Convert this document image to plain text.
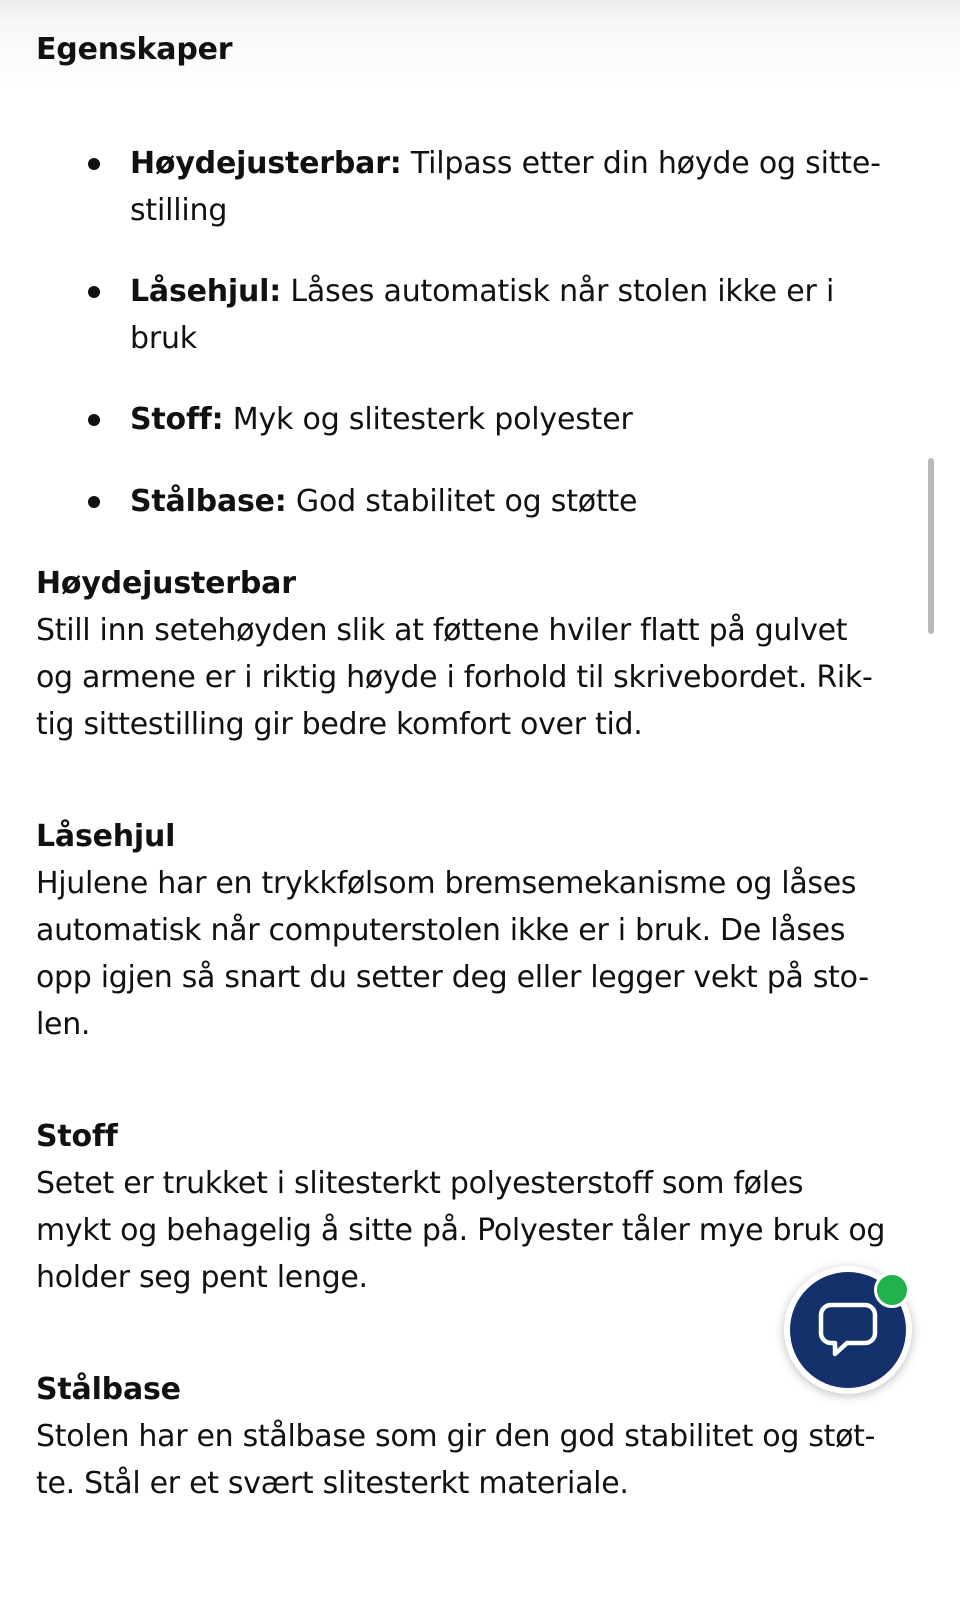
Egenskaper
Høydejusterbar: Tilpass etter din høyde og sitte-
stilling
Låsehjul: Låses automatisk når stolen ikke er i
bruk
Stoff: Myk og slitesterk polyester
Stålbase: God stabilitet og støtte
Høydejusterbar

Still inn setehøyden slik at føttene hviler flatt på gulvet

og armene er i riktig høyde i forhold til skrivebordet. Rik-

tig sittestilling gir bedre komfort over tid.

Låsehjul

Hjulene har en trykkfølsom bremsemekanisme og låses

automatisk når computerstolen ikke er i bruk. De låses

opp igjen så snart du setter deg eller legger vekt på sto-

len.

Stoff

Setet er trukket i slitesterkt polyesterstoff som føles

mykt og behagelig å sitte på. Polyester tåler mye bruk og

holder seg pent lenge.

Stålbase

Stolen har en stålbase som gir den god stabilitet og støt-

te. Stål er et svært slitesterkt materiale.
